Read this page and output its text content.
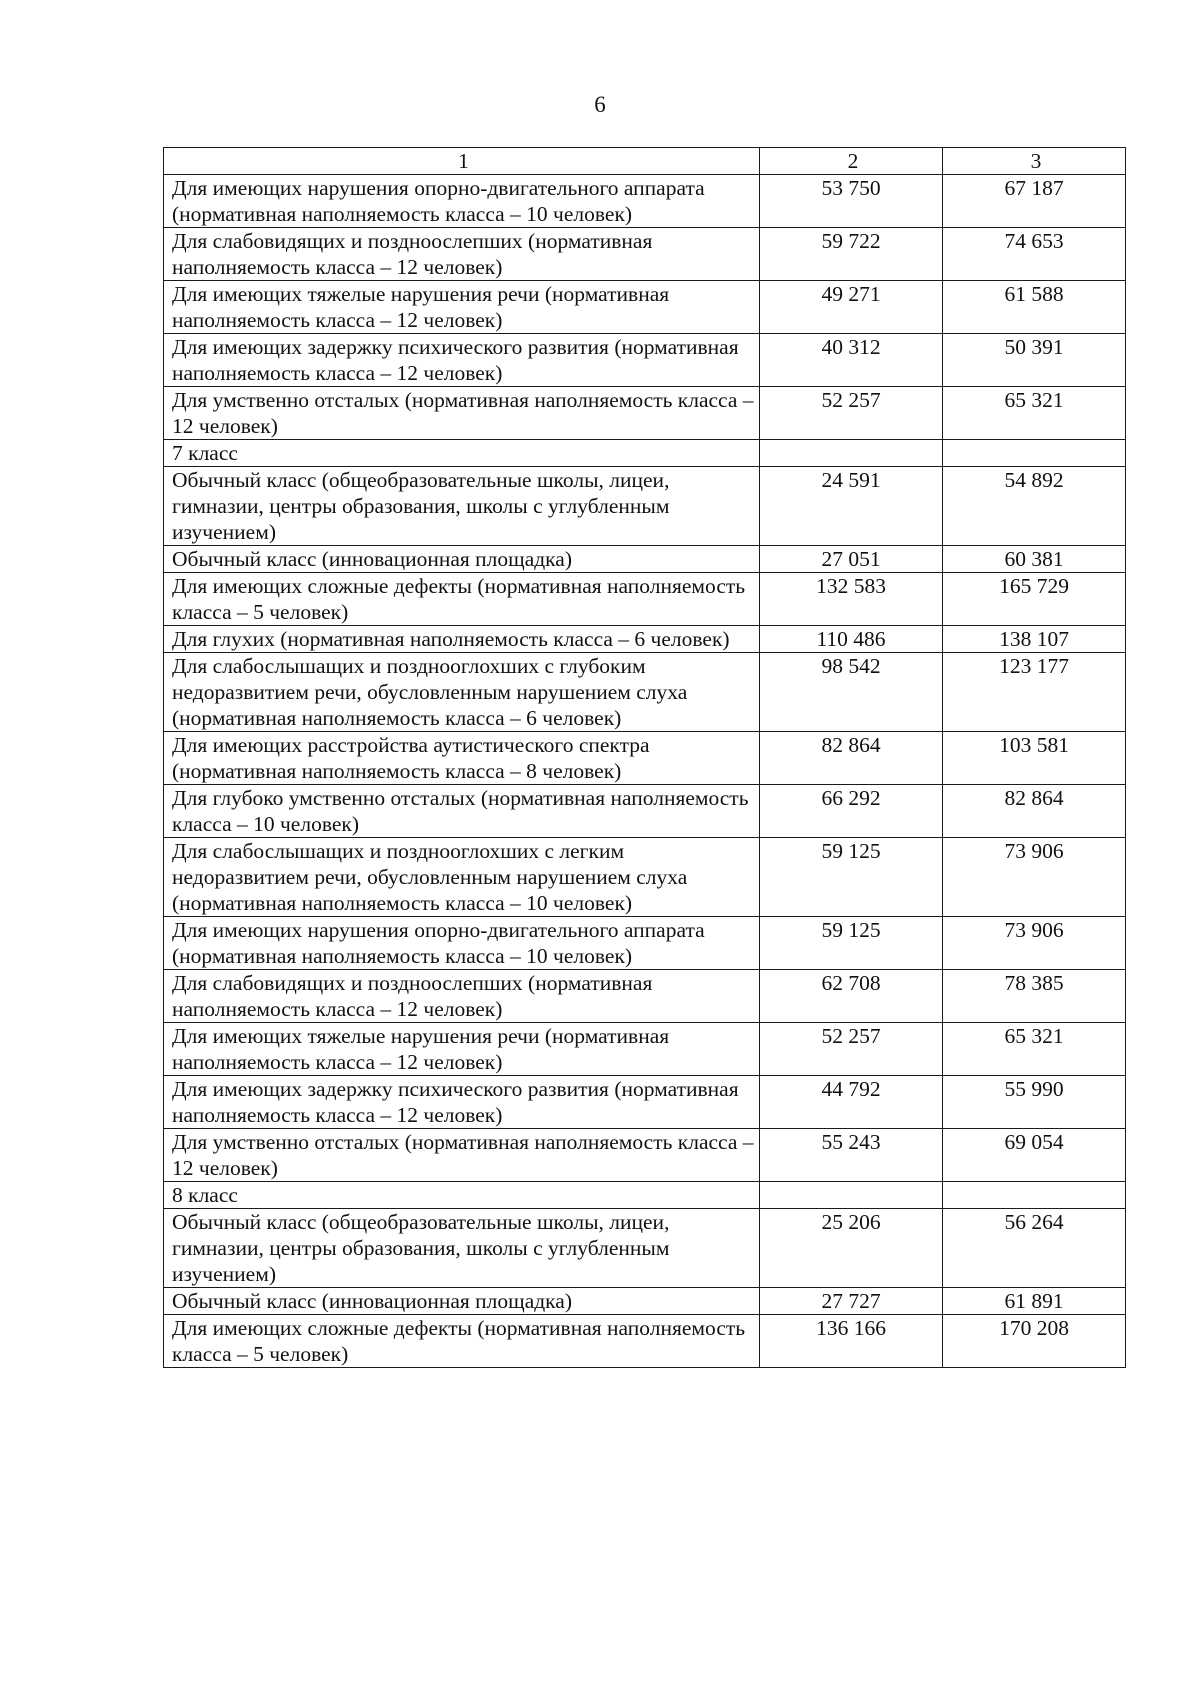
6
1	2	3
Для имеющих нарушения опорно-двигательного аппарата (нормативная наполняемость класса – 10 человек)	53 750	67 187
Для слабовидящих и поздноослепших (нормативная наполняемость класса – 12 человек)	59 722	74 653
Для имеющих тяжелые нарушения речи (нормативная наполняемость класса – 12 человек)	49 271	61 588
Для имеющих задержку психического развития (нормативная наполняемость класса – 12 человек)	40 312	50 391
Для умственно отсталых (нормативная наполняемость класса – 12 человек)	52 257	65 321
7 класс		
Обычный класс (общеобразовательные школы, лицеи, гимназии, центры образования, школы с углубленным изучением)	24 591	54 892
Обычный класс (инновационная площадка)	27 051	60 381
Для имеющих сложные дефекты (нормативная наполняемость класса – 5 человек)	132 583	165 729
Для глухих (нормативная наполняемость класса – 6 человек)	110 486	138 107
Для слабослышащих и позднооглохших с глубоким недоразвитием речи, обусловленным нарушением слуха (нормативная наполняемость класса – 6 человек)	98 542	123 177
Для имеющих расстройства аутистического спектра (нормативная наполняемость класса – 8 человек)	82 864	103 581
Для глубоко умственно отсталых (нормативная наполняемость класса – 10 человек)	66 292	82 864
Для слабослышащих и позднооглохших с легким недоразвитием речи, обусловленным нарушением слуха (нормативная наполняемость класса – 10 человек)	59 125	73 906
Для имеющих нарушения опорно-двигательного аппарата (нормативная наполняемость класса – 10 человек)	59 125	73 906
Для слабовидящих и поздноослепших (нормативная наполняемость класса – 12 человек)	62 708	78 385
Для имеющих тяжелые нарушения речи (нормативная наполняемость класса – 12 человек)	52 257	65 321
Для имеющих задержку психического развития (нормативная наполняемость класса – 12 человек)	44 792	55 990
Для умственно отсталых (нормативная наполняемость класса – 12 человек)	55 243	69 054
8 класс		
Обычный класс (общеобразовательные школы, лицеи, гимназии, центры образования, школы с углубленным изучением)	25 206	56 264
Обычный класс (инновационная площадка)	27 727	61 891
Для имеющих сложные дефекты (нормативная наполняемость класса – 5 человек)	136 166	170 208
